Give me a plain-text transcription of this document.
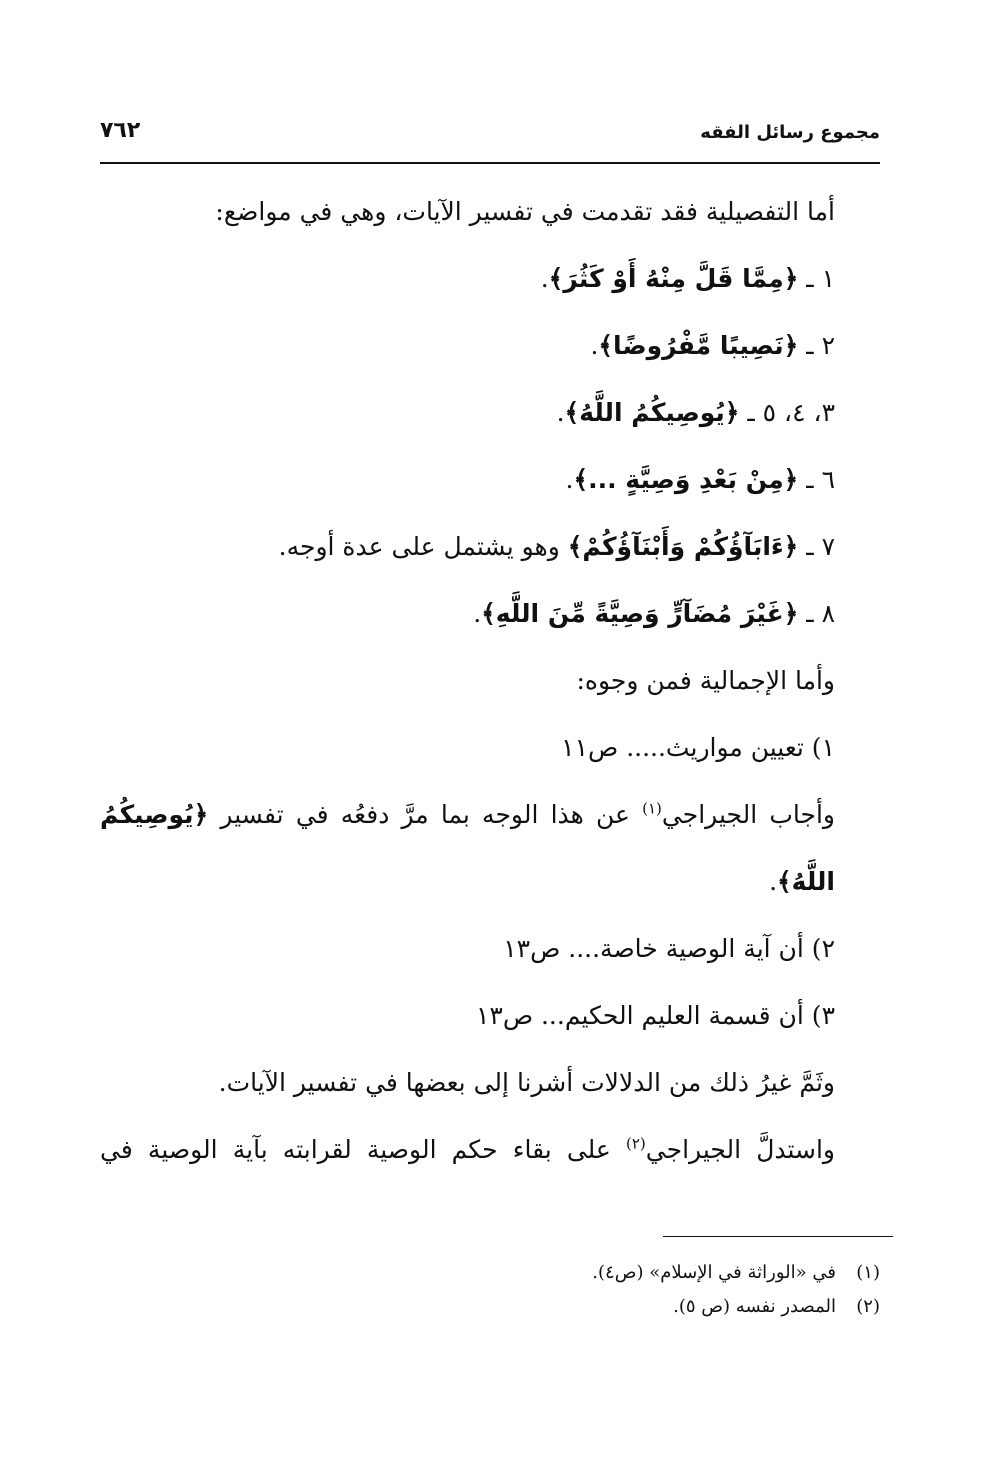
مجموع رسائل الفقه
٧٦٢
أما التفصيلية فقد تقدمت في تفسير الآيات، وهي في مواضع:
١ ـ ﴿مِمَّا قَلَّ مِنْهُ أَوْ كَثُرَ﴾.
٢ ـ ﴿نَصِيبًا مَّفْرُوضًا﴾.
٣، ٤، ٥ ـ ﴿يُوصِيكُمُ اللَّهُ﴾.
٦ ـ ﴿مِنْ بَعْدِ وَصِيَّةٍ ...﴾.
٧ ـ ﴿ءَابَآؤُكُمْ وَأَبْنَآؤُكُمْ﴾ وهو يشتمل على عدة أوجه.
٨ ـ ﴿غَيْرَ مُضَآرٍّ وَصِيَّةً مِّنَ اللَّهِ﴾.
وأما الإجمالية فمن وجوه:
١) تعيين مواريث..... ص١١
وأجاب الجيراجي$^{(١)}$ عن هذا الوجه بما مرَّ دفعُه في تفسير ﴿يُوصِيكُمُ
اللَّهُ﴾.
٢) أن آية الوصية خاصة.... ص١٣
٣) أن قسمة العليم الحكيم... ص١٣
وثَمَّ غيرُ ذلك من الدلالات أشرنا إلى بعضها في تفسير الآيات.
واستدلَّ الجيراجي$^{(٢)}$ على بقاء حكم الوصية لقرابته بآية الوصية في
(١)في «الوراثة في الإسلام» (ص٤).
(٢)المصدر نفسه (ص ٥).
